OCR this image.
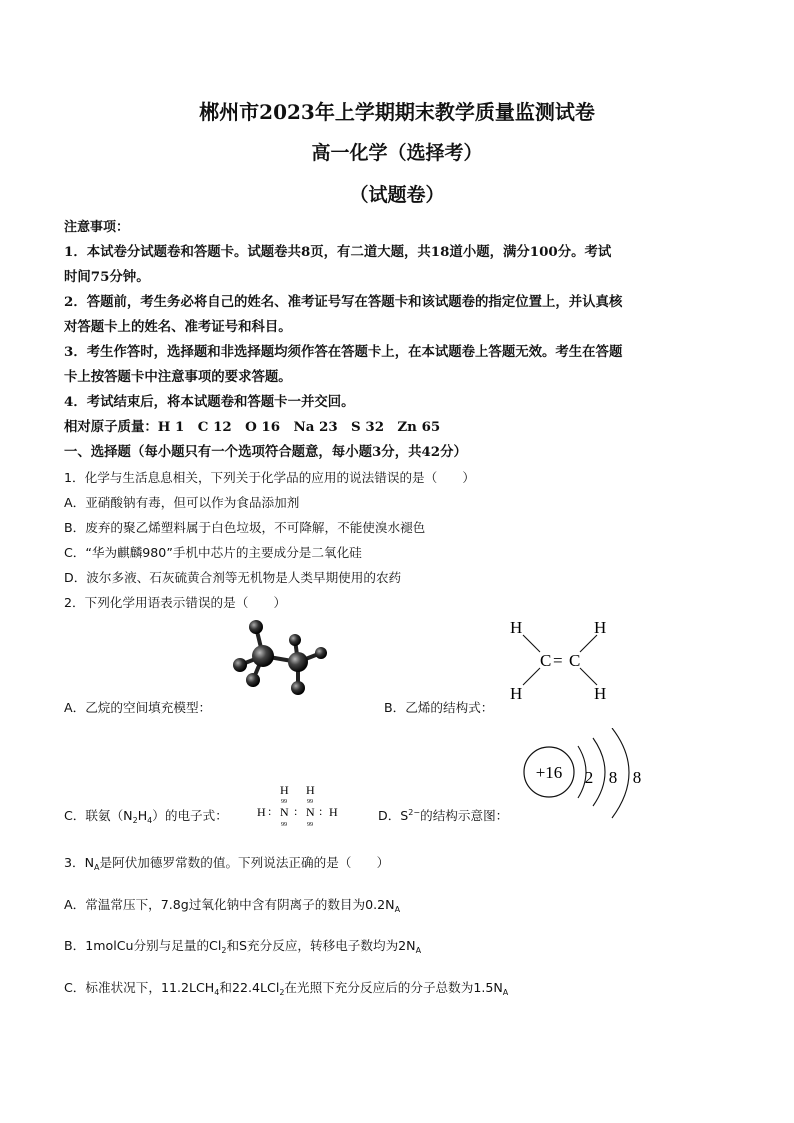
郴州市2023年上学期期末教学质量监测试卷
高一化学（选择考）
（试题卷）
注意事项：
1．本试卷分试题卷和答题卡。试题卷共8页，有二道大题，共18道小题，满分100分。考试
时间75分钟。
2．答题前，考生务必将自己的姓名、准考证号写在答题卡和该试题卷的指定位置上，并认真核
对答题卡上的姓名、准考证号和科目。
3．考生作答时，选择题和非选择题均须作答在答题卡上，在本试题卷上答题无效。考生在答题
卡上按答题卡中注意事项的要求答题。
4．考试结束后，将本试题卷和答题卡一并交回。
相对原子质量：H 1　C 12　O 16　Na 23　S 32　Zn 65
一、选择题（每小题只有一个选项符合题意，每小题3分，共42分）
1．化学与生活息息相关，下列关于化学品的应用的说法错误的是（　　）
A．亚硝酸钠有毒，但可以作为食品添加剂
B．废弃的聚乙烯塑料属于白色垃圾，不可降解，不能使溴水褪色
C．“华为麒麟980”手机中芯片的主要成分是二氧化硅
D．波尔多液、石灰硫黄合剂等无机物是人类早期使用的农药
2．下列化学用语表示错误的是（　　）
A．乙烷的空间填充模型：
H	H
C = C
H	H
B．乙烯的结构式：
+16 2 8 8
C．联氨$(N_2H_4)$的电子式：
H H
99	99
H : N : N : H
99	99
D．$S^{2-}$的结构示意图：
3．$N_A$是阿伏加德罗常数的值。下列说法正确的是（　　）
A．常温常压下，7.8g过氧化钠中含有阴离子的数目为$0.2N_A$
B．1molCu分别与足量的$Cl_2$和S充分反应，转移电子数均为$2N_A$
C．标准状况下，$11.2LCH_4$和22.4LCl$_2$在光照下充分反应后的分子总数为$1.5N_A$
